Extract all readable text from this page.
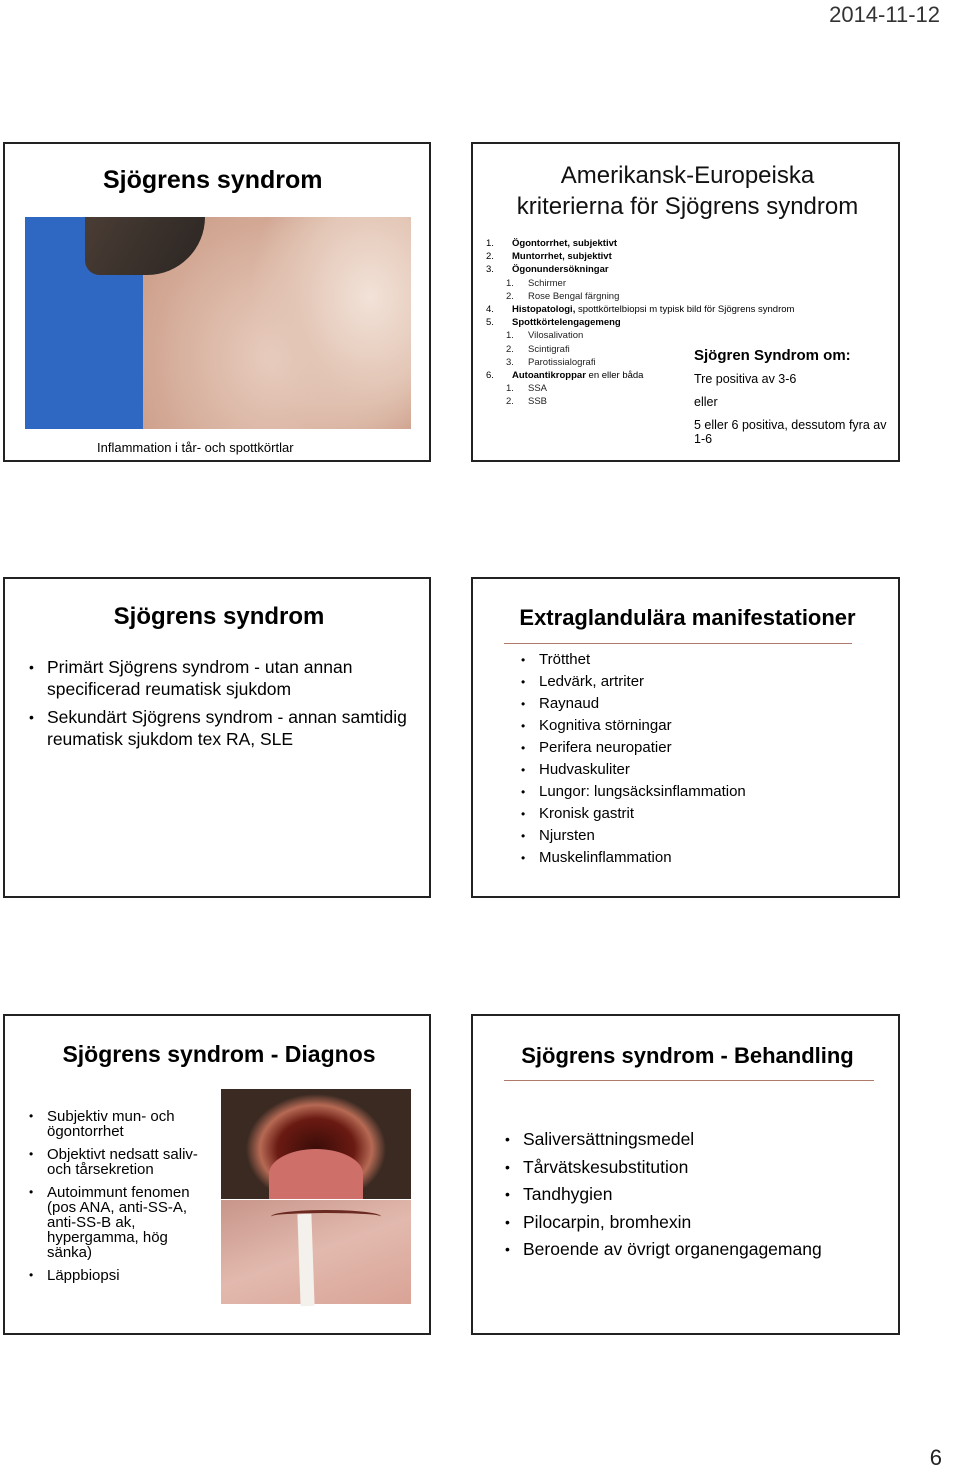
2014-11-12
Sjögrens syndrom
Inflammation i tår- och spottkörtlar
Amerikansk-Europeiska
kriterierna för Sjögrens syndrom
1. Ögontorrhet, subjektivt
2. Muntorrhet, subjektivt
3. Ögonundersökningar
1. Schirmer
2. Rose Bengal färgning
4. Histopatologi, spottkörtelbiopsi m typisk bild för Sjögrens syndrom
5. Spottkörtelengagemeng
1. Vilosalivation
2. Scintigrafi
3. Parotissialografi
6. Autoantikroppar en eller båda
1. SSA
2. SSB
Sjögren Syndrom om:
Tre positiva av 3-6
eller
5 eller 6 positiva, dessutom fyra av 1-6
Sjögrens syndrom
• Primärt Sjögrens syndrom - utan annan specificerad reumatisk sjukdom
• Sekundärt Sjögrens syndrom - annan samtidig reumatisk sjukdom tex RA, SLE
Extraglandulära manifestationer
• Trötthet
• Ledvärk, artriter
• Raynaud
• Kognitiva störningar
• Perifera neuropatier
• Hudvaskuliter
• Lungor: lungsäcksinflammation
• Kronisk gastrit
• Njursten
• Muskelinflammation
Sjögrens syndrom - Diagnos
• Subjektiv mun- och ögontorrhet
• Objektivt nedsatt saliv- och tårsekretion
• Autoimmunt fenomen (pos ANA, anti-SS-A, anti-SS-B ak, hypergamma, hög sänka)
• Läppbiopsi
Sjögrens syndrom - Behandling
• Saliversättningsmedel
• Tårvätskesubstitution
• Tandhygien
• Pilocarpin, bromhexin
• Beroende av övrigt organengagemang
6
